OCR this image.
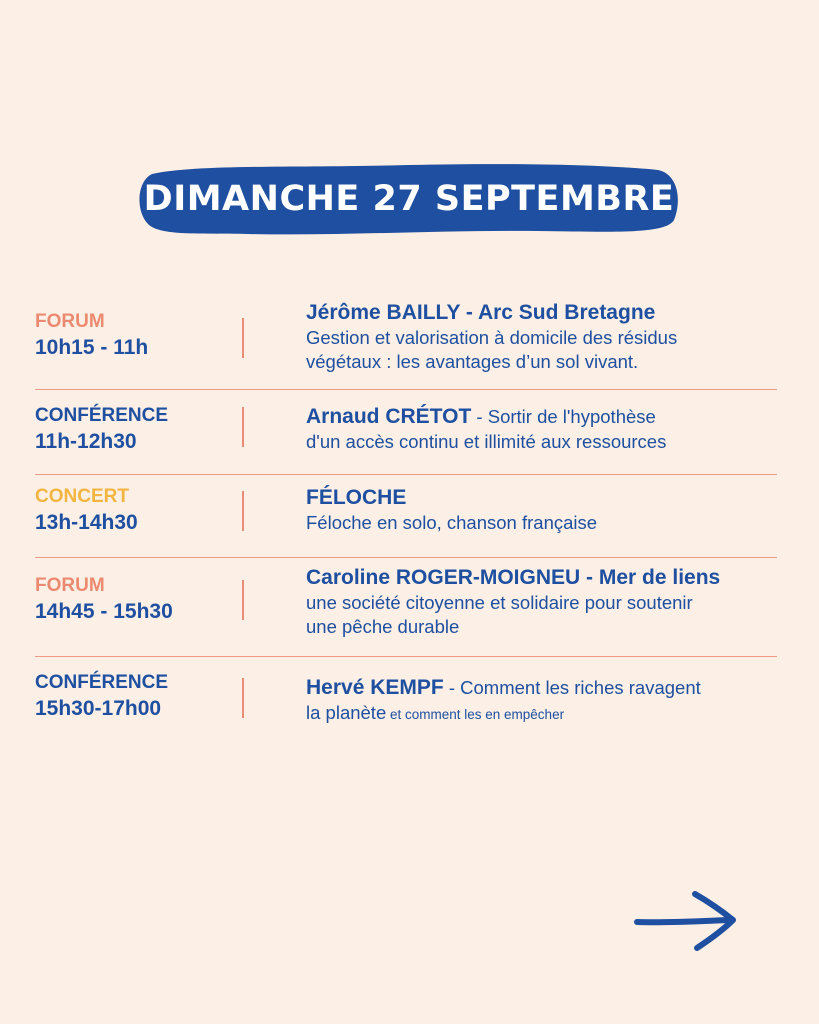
DIMANCHE 27 SEPTEMBRE
FORUM
10h15 - 11h
Jérôme BAILLY - Arc Sud Bretagne
Gestion et valorisation à domicile des résidus
végétaux : les avantages d’un sol vivant.
CONFÉRENCE
11h-12h30
Arnaud CRÉTOT - Sortir de l'hypothèse
d'un accès continu et illimité aux ressources
CONCERT
13h-14h30
FÉLOCHE
Féloche en solo, chanson française
FORUM
14h45 - 15h30
Caroline ROGER-MOIGNEU - Mer de liens
une société citoyenne et solidaire pour soutenir
une pêche durable
CONFÉRENCE
15h30-17h00
Hervé KEMPF - Comment les riches ravagent
la planète et comment les en empêcher
